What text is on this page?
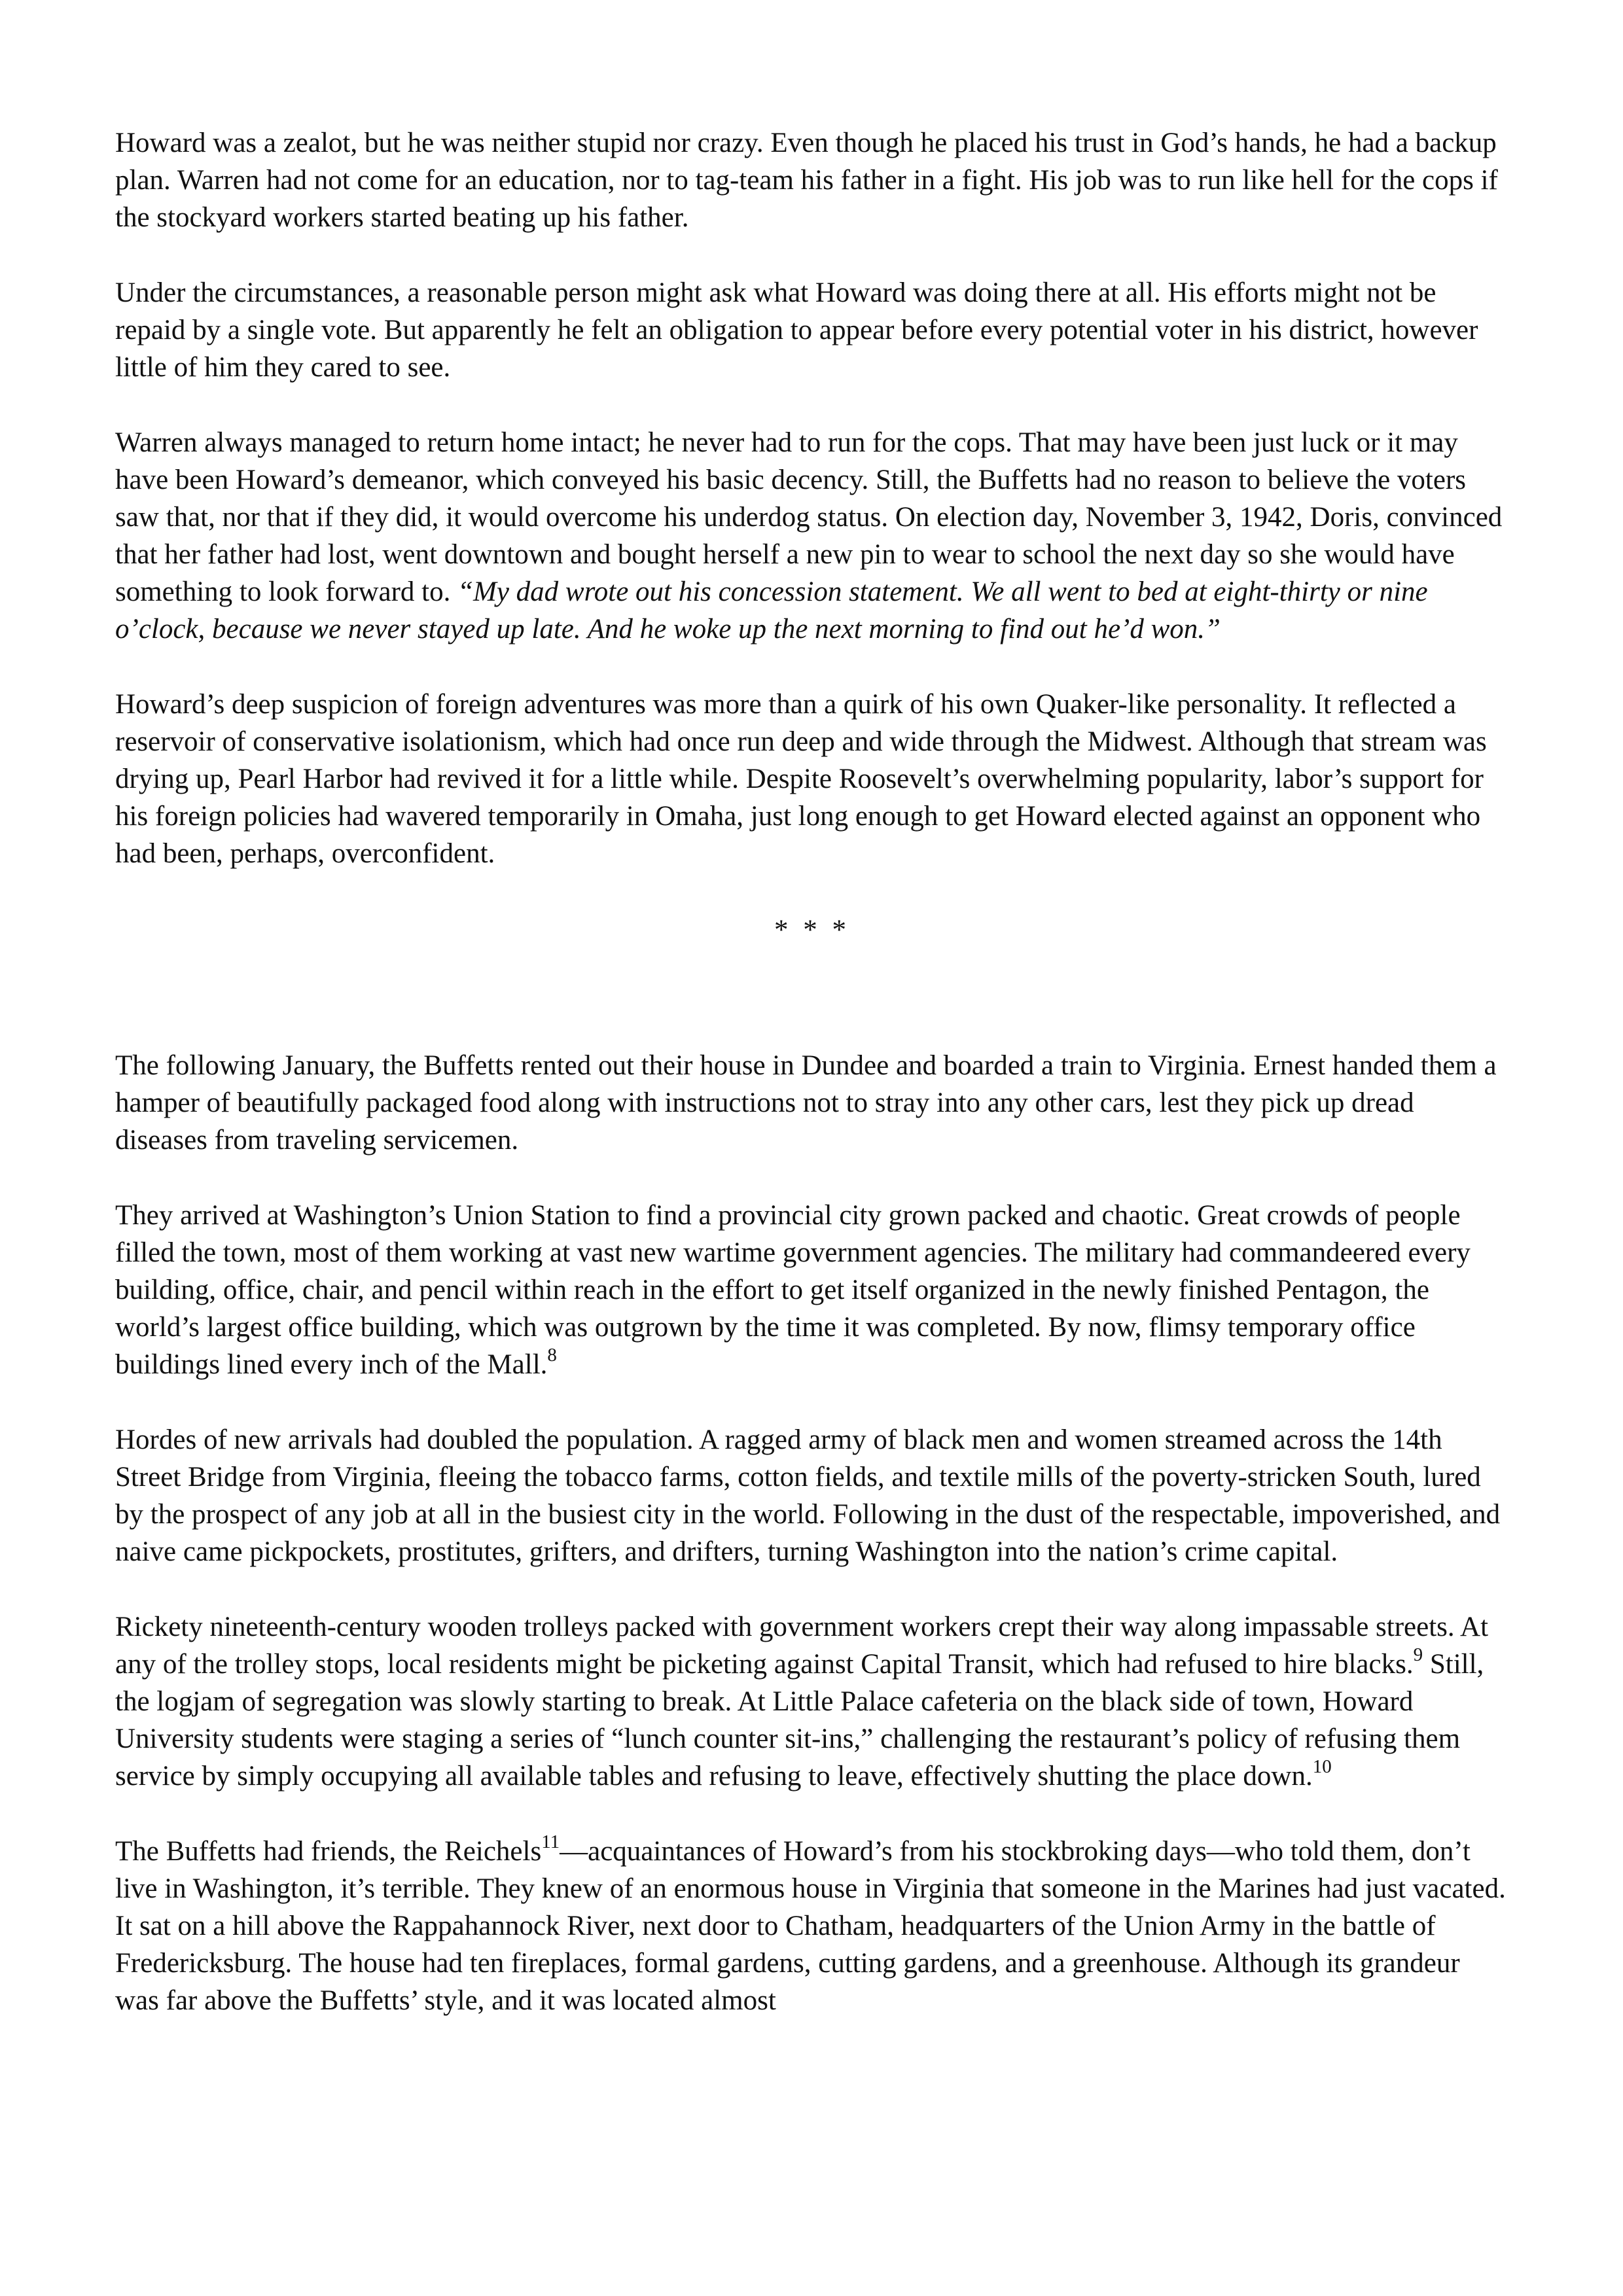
Howard was a zealot, but he was neither stupid nor crazy. Even though he placed his trust in God’s hands, he had a backup plan. Warren had not come for an education, nor to tag-team his father in a fight. His job was to run like hell for the cops if the stockyard workers started beating up his father.

Under the circumstances, a reasonable person might ask what Howard was doing there at all. His efforts might not be repaid by a single vote. But apparently he felt an obligation to appear before every potential voter in his district, however little of him they cared to see.

Warren always managed to return home intact; he never had to run for the cops. That may have been just luck or it may have been Howard’s demeanor, which conveyed his basic decency. Still, the Buffetts had no reason to believe the voters saw that, nor that if they did, it would overcome his underdog status. On election day, November 3, 1942, Doris, convinced that her father had lost, went downtown and bought herself a new pin to wear to school the next day so she would have something to look forward to. “My dad wrote out his concession statement. We all went to bed at eight-thirty or nine o’clock, because we never stayed up late. And he woke up the next morning to find out he’d won.”

Howard’s deep suspicion of foreign adventures was more than a quirk of his own Quaker-like personality. It reflected a reservoir of conservative isolationism, which had once run deep and wide through the Midwest. Although that stream was drying up, Pearl Harbor had revived it for a little while. Despite Roosevelt’s overwhelming popularity, labor’s support for his foreign policies had wavered temporarily in Omaha, just long enough to get Howard elected against an opponent who had been, perhaps, overconfident.

* * *

The following January, the Buffetts rented out their house in Dundee and boarded a train to Virginia. Ernest handed them a hamper of beautifully packaged food along with instructions not to stray into any other cars, lest they pick up dread diseases from traveling servicemen.

They arrived at Washington’s Union Station to find a provincial city grown packed and chaotic. Great crowds of people filled the town, most of them working at vast new wartime government agencies. The military had commandeered every building, office, chair, and pencil within reach in the effort to get itself organized in the newly finished Pentagon, the world’s largest office building, which was outgrown by the time it was completed. By now, flimsy temporary office buildings lined every inch of the Mall.$^8$

Hordes of new arrivals had doubled the population. A ragged army of black men and women streamed across the 14th Street Bridge from Virginia, fleeing the tobacco farms, cotton fields, and textile mills of the poverty-stricken South, lured by the prospect of any job at all in the busiest city in the world. Following in the dust of the respectable, impoverished, and naive came pickpockets, prostitutes, grifters, and drifters, turning Washington into the nation’s crime capital.

Rickety nineteenth-century wooden trolleys packed with government workers crept their way along impassable streets. At any of the trolley stops, local residents might be picketing against Capital Transit, which had refused to hire blacks.$^9$ Still, the logjam of segregation was slowly starting to break. At Little Palace cafeteria on the black side of town, Howard University students were staging a series of “lunch counter sit-ins,” challenging the restaurant’s policy of refusing them service by simply occupying all available tables and refusing to leave, effectively shutting the place down.$^{10}$

The Buffetts had friends, the Reichels$^{11}$—acquaintances of Howard’s from his stockbroking days—who told them, don’t live in Washington, it’s terrible. They knew of an enormous house in Virginia that someone in the Marines had just vacated. It sat on a hill above the Rappahannock River, next door to Chatham, headquarters of the Union Army in the battle of Fredericksburg. The house had ten fireplaces, formal gardens, cutting gardens, and a greenhouse. Although its grandeur was far above the Buffetts’ style, and it was located almost
